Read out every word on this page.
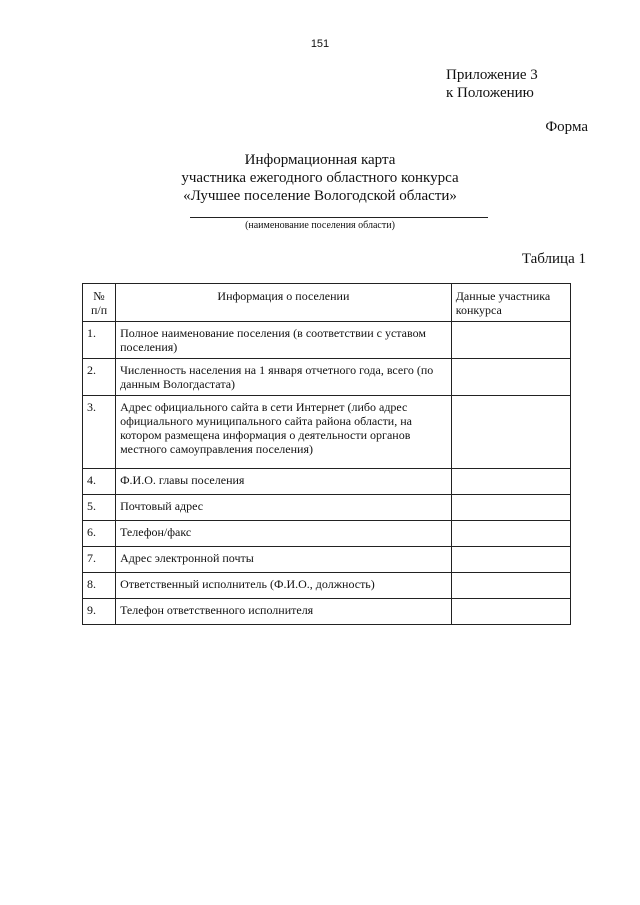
151
Приложение 3
к Положению
Форма
Информационная карта
участника ежегодного областного конкурса
«Лучшее поселение Вологодской области»
(наименование поселения области)
Таблица 1
№ п/п	Информация о поселении	Данные участника конкурса
1.	Полное наименование поселения (в соответствии с уставом поселения)	
2.	Численность населения на 1 января отчетного года, всего (по данным Вологдастата)	
3.	Адрес официального сайта в сети Интернет (либо адрес официального муниципального сайта района области, на котором размещена информация о деятельности органов местного самоуправления поселения)	
4.	Ф.И.О. главы поселения	
5.	Почтовый адрес	
6.	Телефон/факс	
7.	Адрес электронной почты	
8.	Ответственный исполнитель (Ф.И.О., должность)	
9.	Телефон ответственного исполнителя	
